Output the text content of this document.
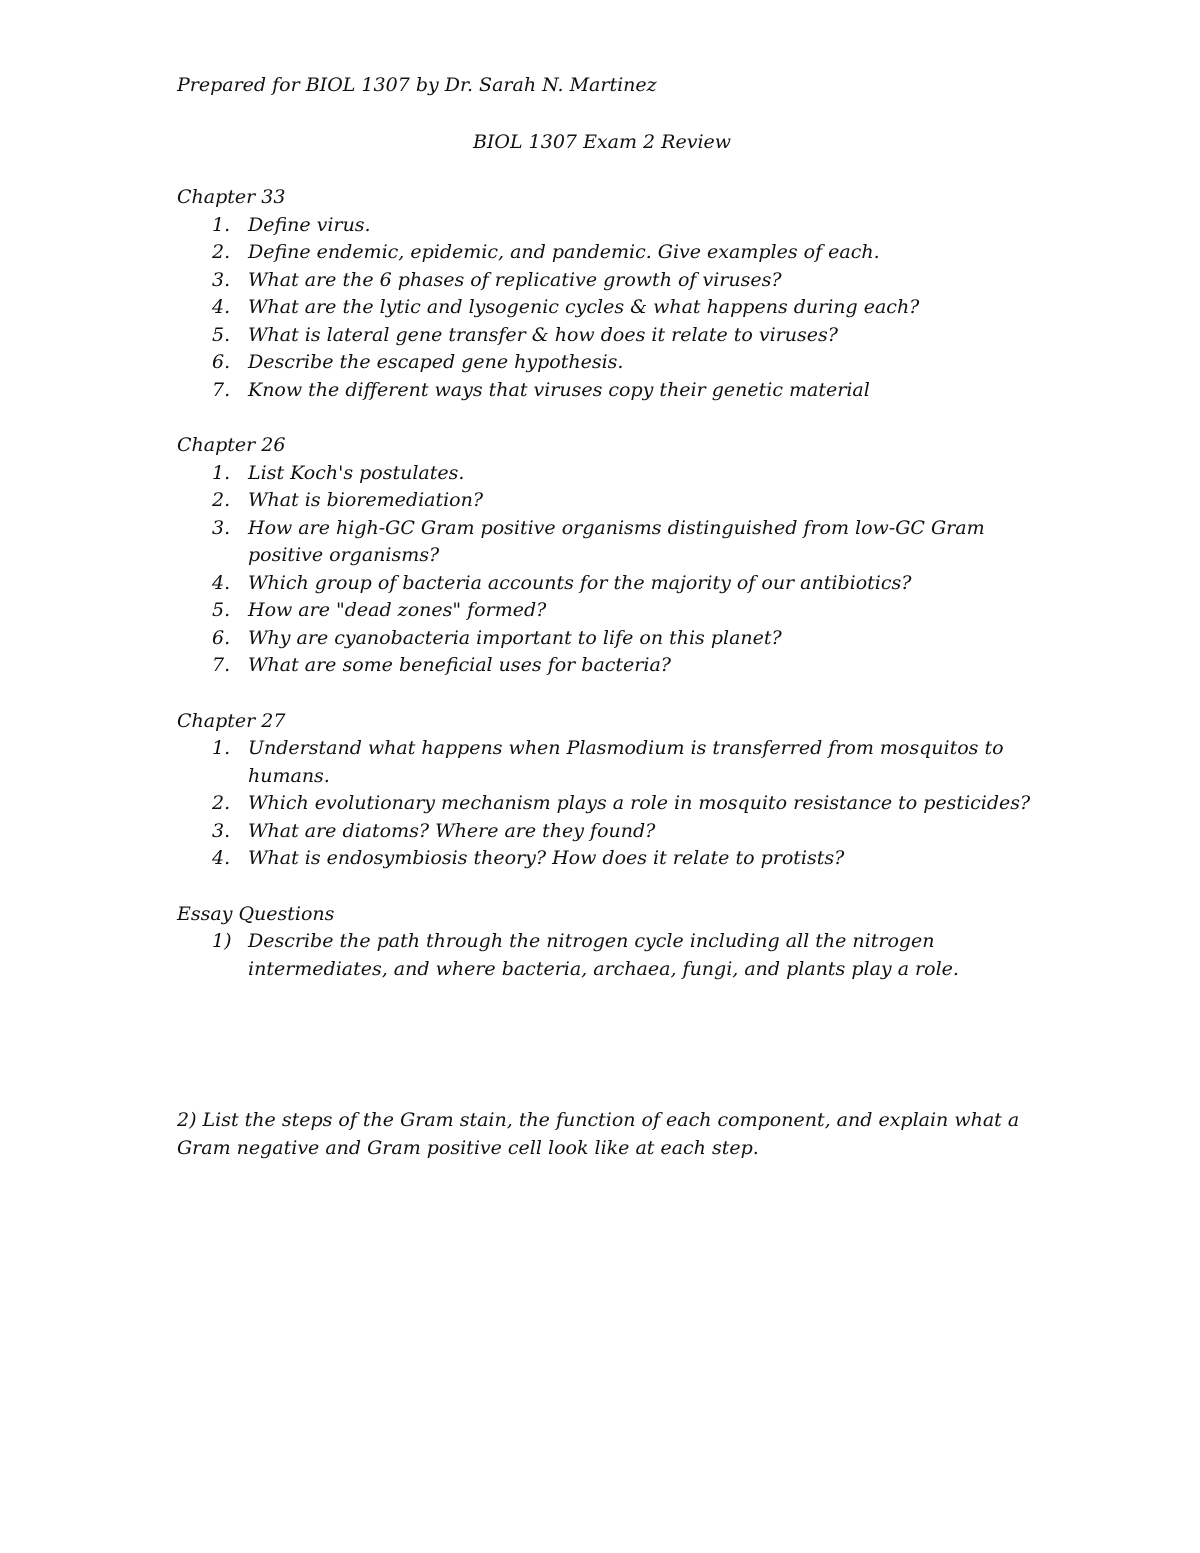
Prepared for BIOL 1307 by Dr. Sarah N. Martinez

BIOL 1307 Exam 2 Review

Chapter 33

1. Define virus.
2. Define endemic, epidemic, and pandemic. Give examples of each.
3. What are the 6 phases of replicative growth of viruses?
4. What are the lytic and lysogenic cycles & what happens during each?
5. What is lateral gene transfer & how does it relate to viruses?
6. Describe the escaped gene hypothesis.
7. Know the different ways that viruses copy their genetic material

Chapter 26

1. List Koch's postulates.
2. What is bioremediation?
3. How are high-GC Gram positive organisms distinguished from low-GC Gram positive organisms?
4. Which group of bacteria accounts for the majority of our antibiotics?
5. How are "dead zones" formed?
6. Why are cyanobacteria important to life on this planet?
7. What are some beneficial uses for bacteria?

Chapter 27

1. Understand what happens when Plasmodium is transferred from mosquitos to humans.
2. Which evolutionary mechanism plays a role in mosquito resistance to pesticides?
3. What are diatoms? Where are they found?
4. What is endosymbiosis theory? How does it relate to protists?

Essay Questions

1) Describe the path through the nitrogen cycle including all the nitrogen intermediates, and where bacteria, archaea, fungi, and plants play a role.

2) List the steps of the Gram stain, the function of each component, and explain what a Gram negative and Gram positive cell look like at each step.
